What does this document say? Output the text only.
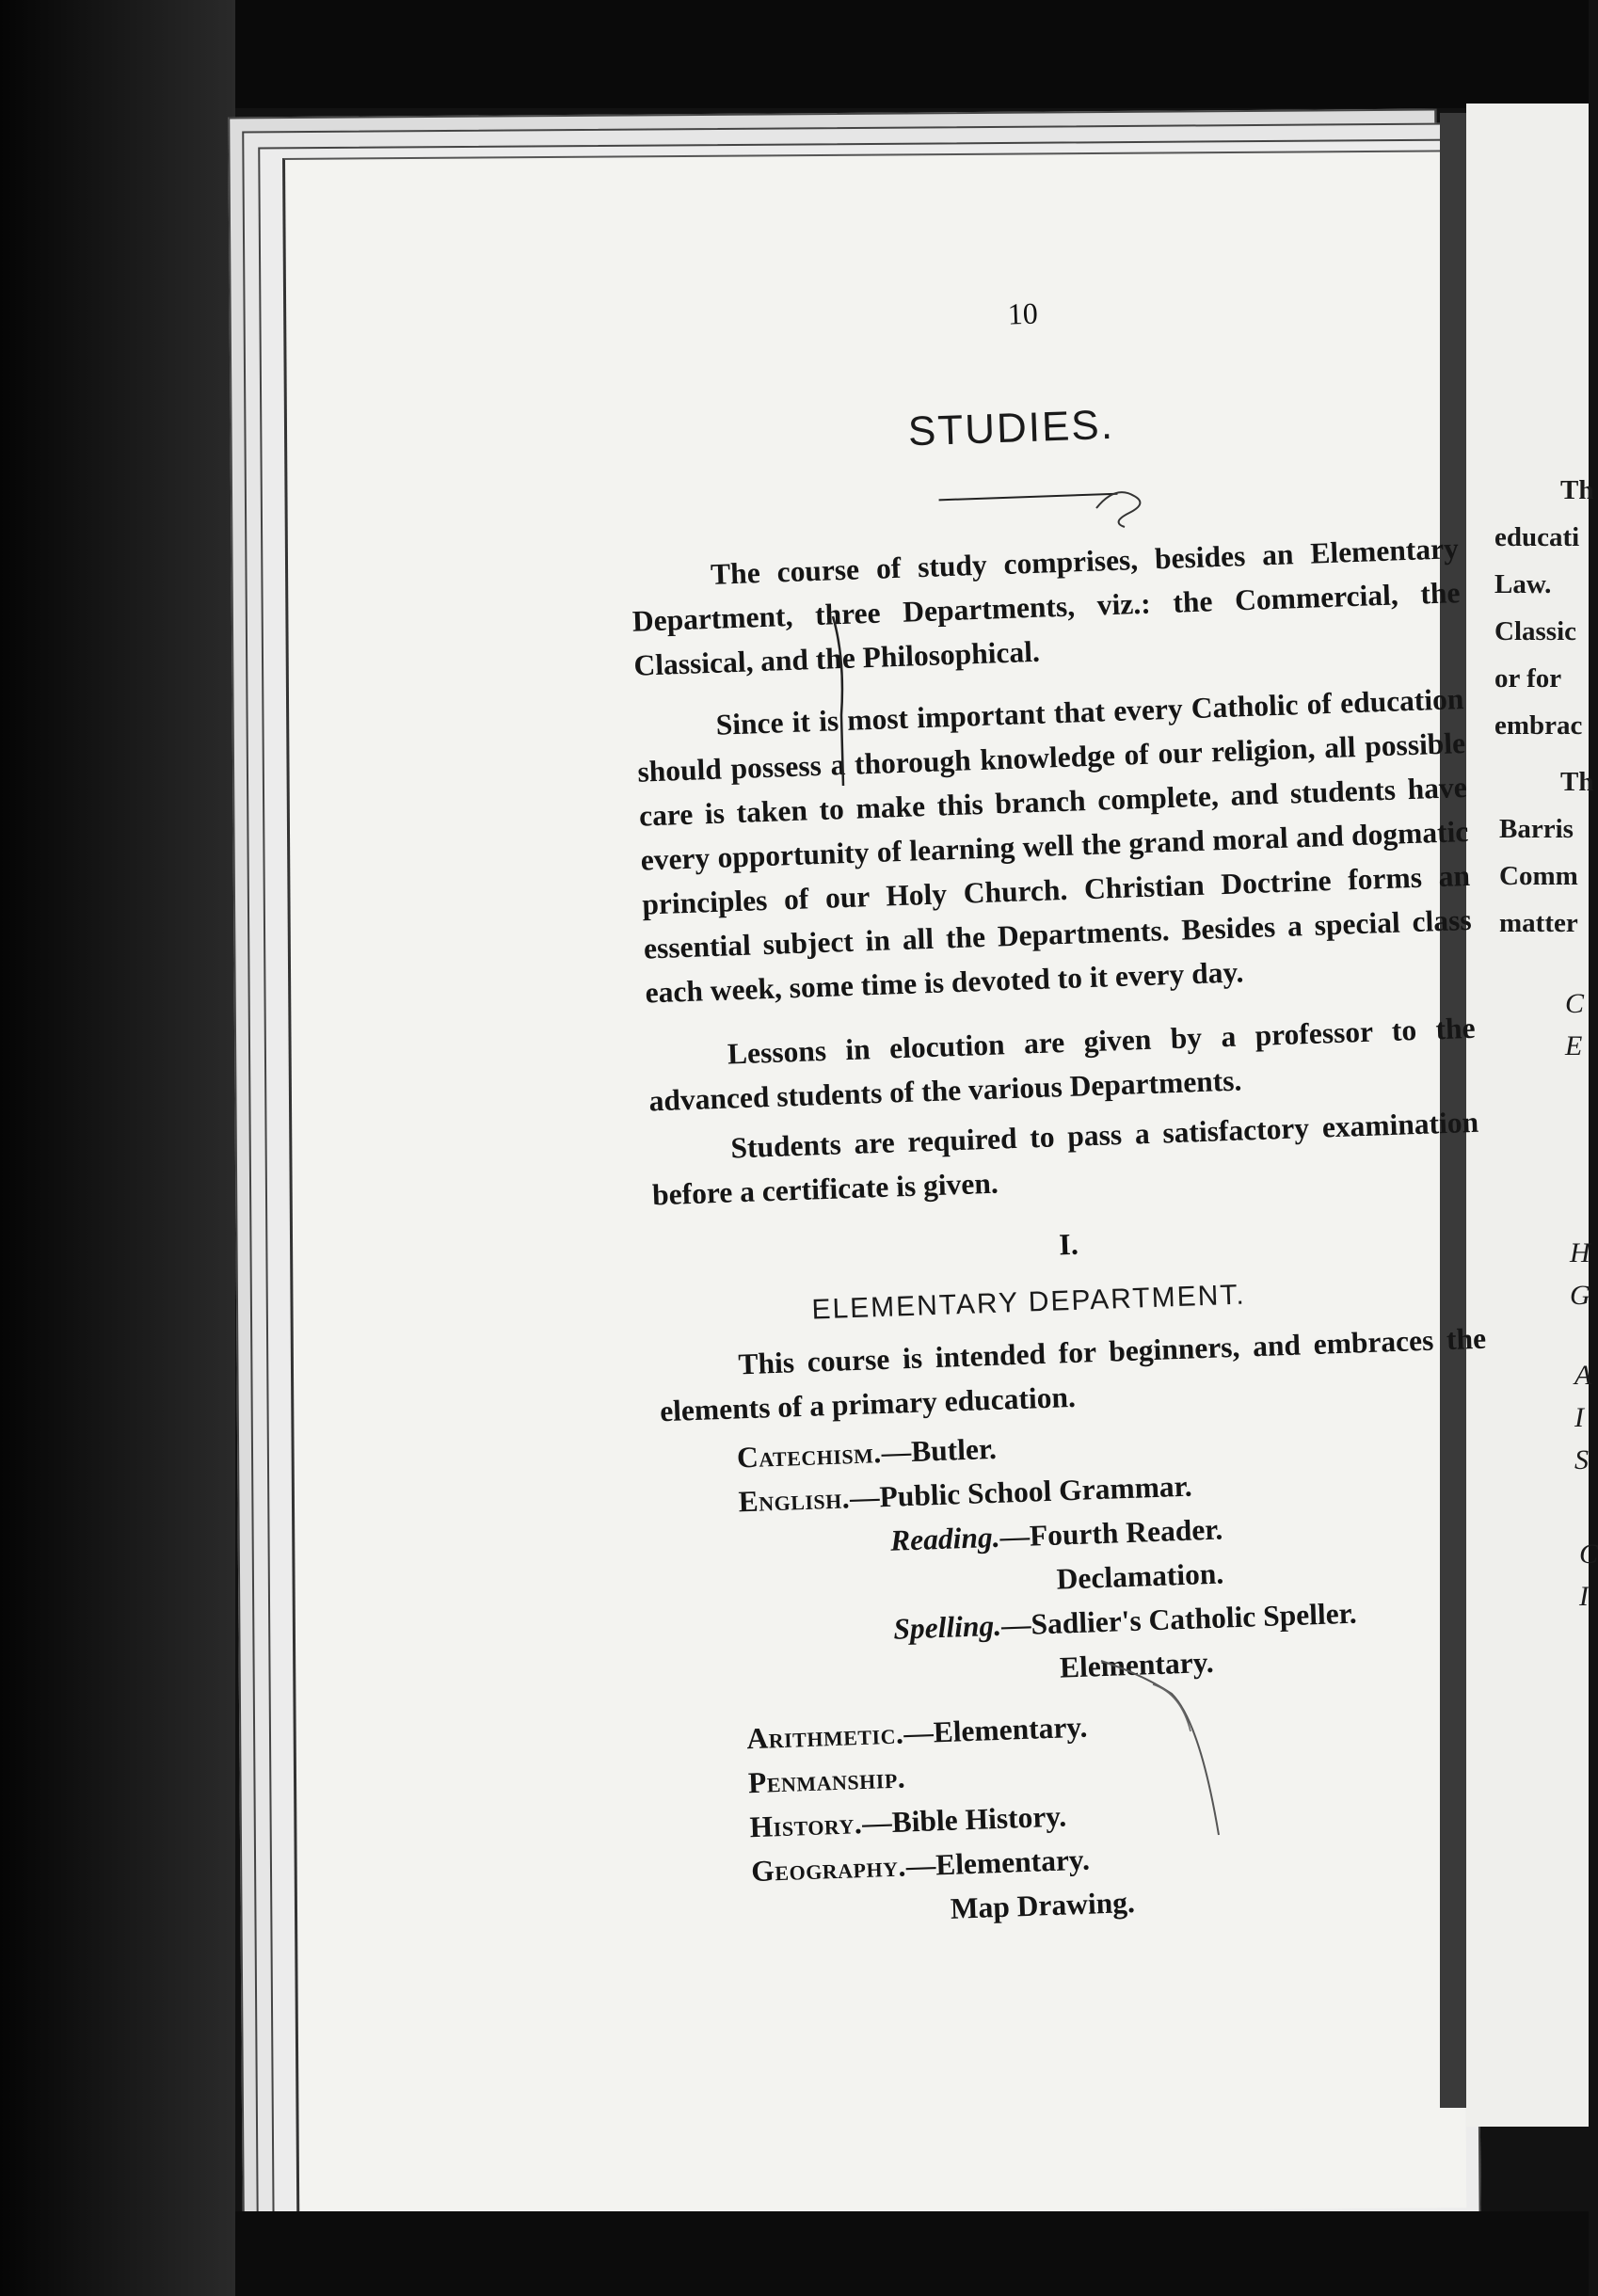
Th
educati
Law.
Classic
or for
embrac
Th
Barris
Comm
matter
C
E
H
G
A
I
S
C
I
10
STUDIES.
The course of study comprises, besides an Elementary Department, three Departments, viz.: the Commercial, the Classical, and the Philosophical.
Since it is most important that every Catholic of education should possess a thorough knowledge of our religion, all possible care is taken to make this branch complete, and students have every opportunity of learning well the grand moral and dogmatic principles of our Holy Church. Christian Doctrine forms an essential subject in all the Departments. Besides a special class each week, some time is devoted to it every day.
Lessons in elocution are given by a professor to the advanced students of the various Departments.
Students are required to pass a satisfactory examination before a certificate is given.
I.
ELEMENTARY DEPARTMENT.
This course is intended for beginners, and embraces the elements of a primary education.
Catechism.—Butler.
English.—Public School Grammar.
Reading.—Fourth Reader.
Declamation.
Spelling.—Sadlier's Catholic Speller.
Elementary.
Arithmetic.—Elementary.
Penmanship.
History.—Bible History.
Geography.—Elementary.
Map Drawing.
